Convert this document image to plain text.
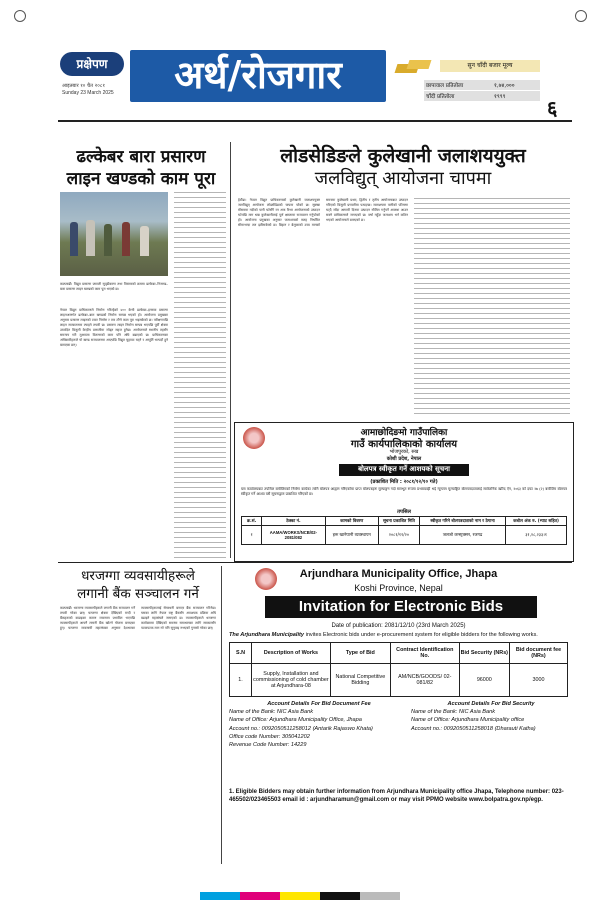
प्रक्षेपण
आइतबार १० चैत २०८१
Sunday 23 March 2025	अर्थ/रोजगार	सुन चाँदी बजार मूल्य
छापावाल प्रतितोला	१,७४,०००
चाँदी प्रतितोला	१९९९ ६
ढल्केबर बारा प्रसारण
लाइन खण्डको काम पूरा
काठमाडौं। विद्युत प्रसारण प्रणाली सुदृढीकरण तथा विस्तारको क्रममा ढल्केबर–निजगढ–बारा प्रसारण लाइन खण्डको काम पूरा भएको छ।
नेपाल विद्युत प्राधिकरणले निर्माण गरिरहेको ४०० केभी ढल्केबर–इनरुवा प्रसारण लाइनअन्तर्गत ढल्केबर–बारा खण्डको निर्माण सम्पन्न भएको हो। आयोजना प्रमुखका अनुसार प्रसारण लाइनको टावर निर्माण र तार टाँग्ने काम पूरा भइसकेको छ। परीक्षणपछि लाइन सञ्चालनमा ल्याइने तयारी छ। प्रसारण लाइन निर्माण सम्पन्न भएपछि पूर्वी क्षेत्रमा उत्पादित बिजुली केन्द्रीय प्रणालीमा जोड्न सहज हुनेछ। आयोजनाले स्थानीय तहसँग समन्वय गरी मुआब्जा वितरणको काम पनि अघि बढाएको छ। प्राधिकरणका अधिकारीहरूले यो खण्ड सञ्चालनमा आएपछि विद्युत चुहावट घट्ने र आपूर्ति भरपर्दो हुने बताएका छन्।
लोडसेडिङले कुलेखानी जलाशययुक्त
जलविद्युत् आयोजना चापमा
हेटौंडा। नेपाल विद्युत प्राधिकरणको कुलेखानी जलाशययुक्त जलविद्युत् आयोजना लोडसेडिङको चापमा परेको छ। सुक्खा मौसममा नदीको पानी घटेसँगै रन अफ रिभर आयोजनाको उत्पादन घटेपछि माग धान्न कुलेखानीलाई पूर्ण क्षमतामा सञ्चालन गर्नुपरेको हो। आयोजना प्रमुखका अनुसार जलाशयको सतह निर्धारित सीमाभन्दा तल झरिसकेको छ। बिहान र बेलुकाको उच्च मागको समयमा कुलेखानी प्रथम, द्वितीय र तृतीय आयोजनाबाट उत्पादन गरिएको बिजुली प्रणालीमा पठाइन्छ। जलाशयमा पानीको परिमाण घट्दै जाँदा आगामी दिनमा उत्पादन सीमित गर्नुपर्ने अवस्था आउन सक्ने प्राधिकरणले जनाएको छ। वर्षा नहुँदा जलाशय भर्न कठिन भएको आयोजनाले बताएको छ।
आमाछोदिङमो गाउँपालिका
गाउँ कार्यपालिकाको कार्यालय
भोजपुरको, रुख
कोशी प्रदेश, नेपाल
बोलपत्र स्वीकृत गर्ने आशयको सूचना
(प्रकाशित मिति : २०८१/१२/१० गते)
यस कार्यालयबाट तपसिल बमोजिमको निर्माण कार्यका लागि बोलपत्र आह्वान गरिएकोमा प्राप्त बोलपत्रहरू मूल्याङ्कन गर्दा सारभूत रूपमा प्रभावग्राही भई न्यूनतम मूल्याङ्कित बोलपत्रदातालाई सार्वजनिक खरिद ऐन, २०६३ को दफा २७ (२) बमोजिम बोलपत्र स्वीकृत गर्ने आशय यसै सूचनाद्वारा प्रकाशित गरिएको छ।
तपसिल
क्र.सं.	ठेक्का नं.	कामको विवरण	सूचना प्रकाशित मिति	स्वीकृत गरिने बोलपत्रदाताको नाम र ठेगाना	कबोल अंक रु. (भ्याट सहित)
१	AAMA/WORKS/NCB/02-2081/082	हरू खानेपानी व्यवस्थापन	२०८१/११/२०	जलजो कन्स्ट्रक्सन, रजगढ	३१,२८,२३३।१
धरजग्गा व्यवसायीहरूले
लगानी बैंक सञ्चालन गर्ने
काठमाडौं। धरजग्गा व्यवसायीहरूले लगानी बैंक सञ्चालन गर्ने तयारी गरेका छन्। घरजग्गा क्षेत्रमा देखिएको मन्दी र बैंकहरूको कडाइका कारण व्यवसाय प्रभावित भएपछि व्यवसायीहरूले आफ्नै लगानी बैंक खोल्ने योजना बनाएका हुन्। घरजग्गा व्यवसायी महासंघका अनुसार देशभरका व्यवसायीहरूलाई सेयरधनी बनाएर बैंक सञ्चालन गरिनेछ। यसका लागि नेपाल राष्ट्र बैंकसँग आवश्यक प्रक्रिया अघि बढाइने महासंघले जनाएको छ। व्यवसायीहरूले धरजग्गा कारोबारमा देखिएको समस्या समाधानका लागि सरकारसँग पटकपटक माग गरे पनि सुनुवाइ नभएको गुनासो गरेका छन्।
Arjundhara Municipality Office, Jhapa
Koshi Province, Nepal
Invitation for Electronic Bids
Date of publication: 2081/12/10 (23rd March 2025)
The Arjundhara Municipality invites Electronic bids under e-procurement system for eligible bidders for the following works.
S.N	Description of Works	Type of Bid	Contract Identification No.	Bid Security (NRs)	Bid document fee (NRs)
1.	Supply, Installation and commissioning of cold chamber at Arjundhara-08	National Competitive Bidding	AM/NCB/GOODS/ 02-081/82	96000	3000
Account Details For Bid Document Fee
Name of the Bank: NIC Asia Bank
Name of Office: Arjundhara Municipality Office, Jhapa
Account no.: 0092050511258012 (Antarik Rajaswo Khata)
Office code Number: 305041202
Revenue Code Number: 14229
Account Details For Bid Security
Name of the Bank: NIC Asia Bank
Name of Office: Arjundhara Municipality office
Account no.: 0092050511258018 (Dharauti Katha)
1. Eligible Bidders may obtain further information from Arjundhara Municipality office Jhapa, Telephone number: 023-465502/023465503 email id : arjundharamun@gmail.com or may visit PPMO website www.bolpatra.gov.np/egp.
